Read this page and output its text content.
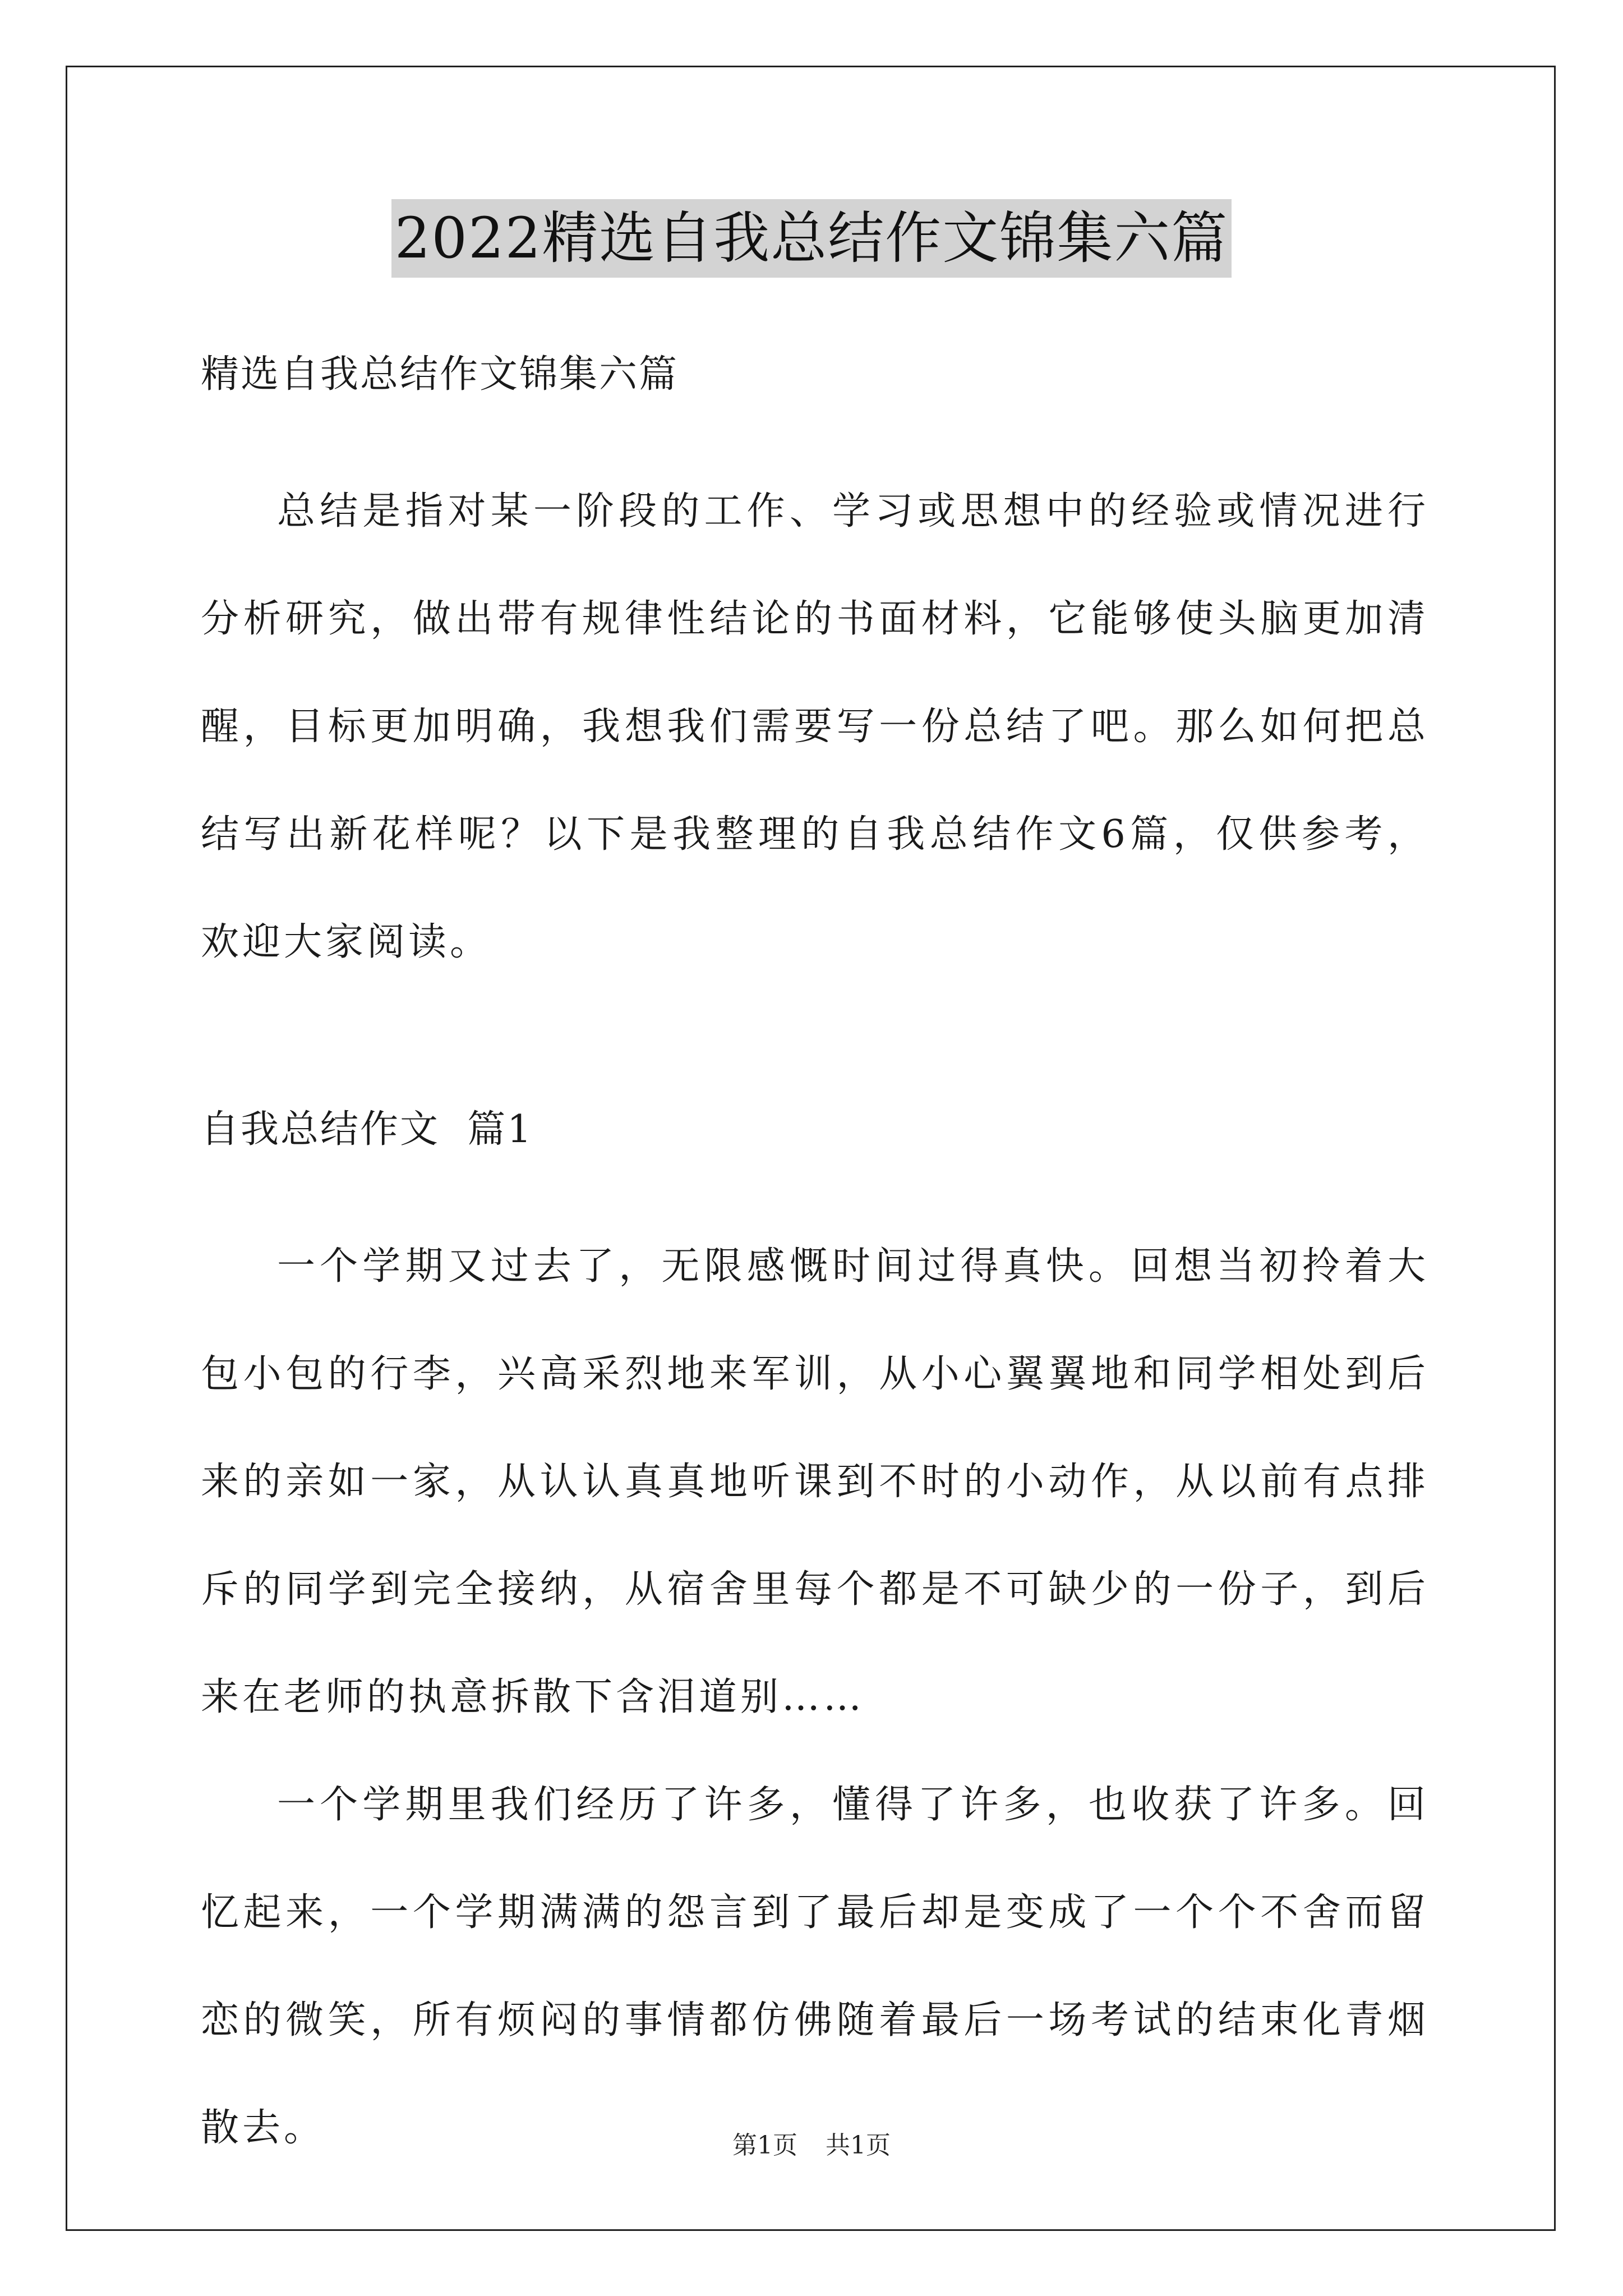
2022精选自我总结作文锦集六篇
精选自我总结作文锦集六篇

总结是指对某一阶段的工作、学习或思想中的经验或情况进行分析研究，做出带有规律性结论的书面材料，它能够使头脑更加清醒，目标更加明确，我想我们需要写一份总结了吧。那么如何把总结写出新花样呢？以下是我整理的自我总结作文6篇，仅供参考，欢迎大家阅读。

自我总结作文  篇1

一个学期又过去了，无限感慨时间过得真快。回想当初拎着大包小包的行李，兴高采烈地来军训，从小心翼翼地和同学相处到后来的亲如一家，从认认真真地听课到不时的小动作，从以前有点排斥的同学到完全接纳，从宿舍里每个都是不可缺少的一份子，到后来在老师的执意拆散下含泪道别……

一个学期里我们经历了许多，懂得了许多，也收获了许多。回忆起来，一个学期满满的怨言到了最后却是变成了一个个不舍而留恋的微笑，所有烦闷的事情都仿佛随着最后一场考试的结束化青烟散去。	第1页 共1页
